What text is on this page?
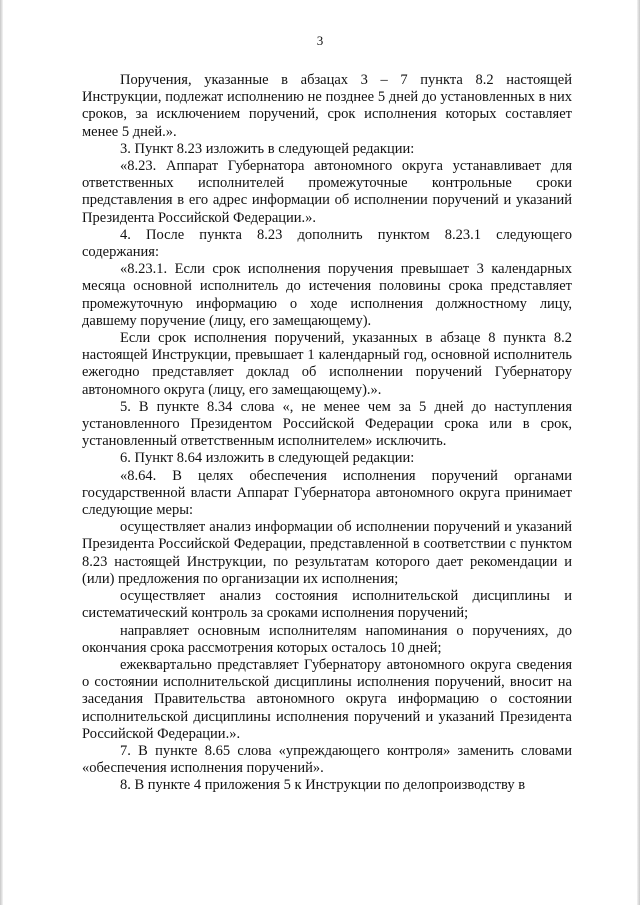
3

Поручения, указанные в абзацах 3 – 7 пункта 8.2 настоящей Инструкции, подлежат исполнению не позднее 5 дней до установленных в них сроков, за исключением поручений, срок исполнения которых составляет менее 5 дней.».

3. Пункт 8.23 изложить в следующей редакции:

«8.23. Аппарат Губернатора автономного округа устанавливает для ответственных исполнителей промежуточные контрольные сроки представления в его адрес информации об исполнении поручений и указаний Президента Российской Федерации.».

4. После пункта 8.23 дополнить пунктом 8.23.1 следующего содержания:

«8.23.1. Если срок исполнения поручения превышает 3 календарных месяца основной исполнитель до истечения половины срока представляет промежуточную информацию о ходе исполнения должностному лицу, давшему поручение (лицу, его замещающему).

Если срок исполнения поручений, указанных в абзаце 8 пункта 8.2 настоящей Инструкции, превышает 1 календарный год, основной исполнитель ежегодно представляет доклад об исполнении поручений Губернатору автономного округа (лицу, его замещающему).».

5. В пункте 8.34 слова «, не менее чем за 5 дней до наступления установленного Президентом Российской Федерации срока или в срок, установленный ответственным исполнителем» исключить.

6. Пункт 8.64 изложить в следующей редакции:

«8.64. В целях обеспечения исполнения поручений органами государственной власти Аппарат Губернатора автономного округа принимает следующие меры:

осуществляет анализ информации об исполнении поручений и указаний Президента Российской Федерации, представленной в соответствии с пунктом 8.23 настоящей Инструкции, по результатам которого дает рекомендации и (или) предложения по организации их исполнения;

осуществляет анализ состояния исполнительской дисциплины и систематический контроль за сроками исполнения поручений;

направляет основным исполнителям напоминания о поручениях, до окончания срока рассмотрения которых осталось 10 дней;

ежеквартально представляет Губернатору автономного округа сведения о состоянии исполнительской дисциплины исполнения поручений, вносит на заседания Правительства автономного округа информацию о состоянии исполнительской дисциплины исполнения поручений и указаний Президента Российской Федерации.».

7. В пункте 8.65 слова «упреждающего контроля» заменить словами «обеспечения исполнения поручений».

8. В пункте 4 приложения 5 к Инструкции по делопроизводству в
